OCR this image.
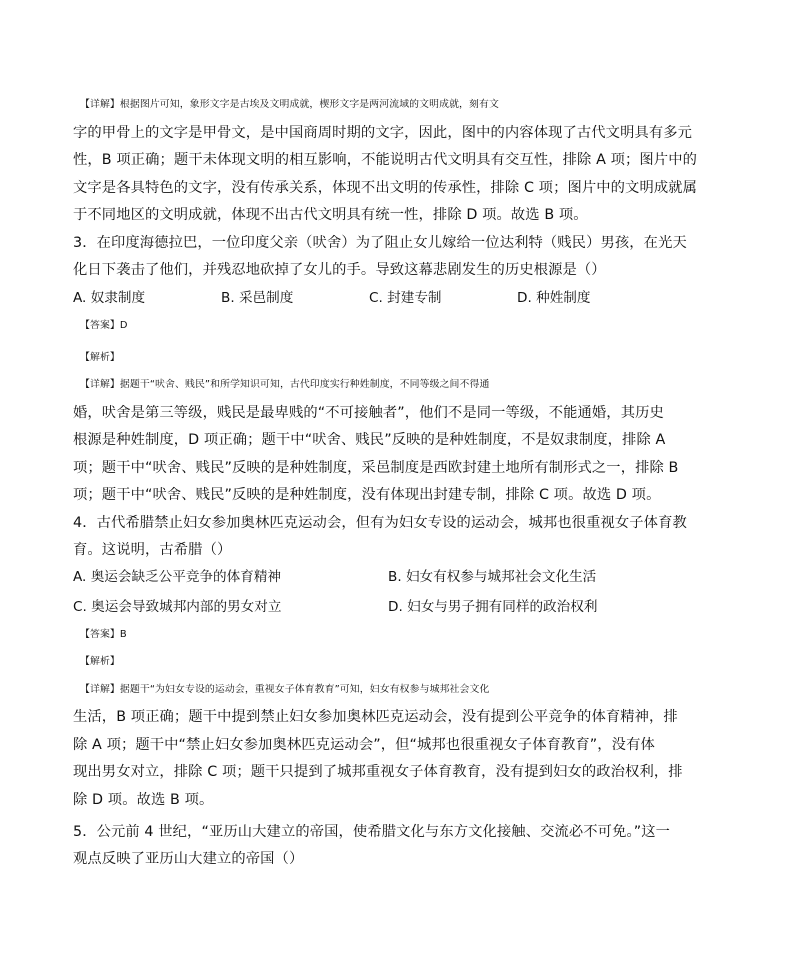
【详解】根据图片可知，象形文字是古埃及文明成就，楔形文字是两河流域的文明成就，刻有文
字的甲骨上的文字是甲骨文，是中国商周时期的文字，因此，图中的内容体现了古代文明具有多元
性，B 项正确；题干未体现文明的相互影响，不能说明古代文明具有交互性，排除 A 项；图片中的
文字是各具特色的文字，没有传承关系，体现不出文明的传承性，排除 C 项；图片中的文明成就属
于不同地区的文明成就，体现不出古代文明具有统一性，排除 D 项。故选 B 项。
3．在印度海德拉巴，一位印度父亲（吠舍）为了阻止女儿嫁给一位达利特（贱民）男孩，在光天
化日下袭击了他们，并残忍地砍掉了女儿的手。导致这幕悲剧发生的历史根源是（）
A. 奴隶制度	B. 采邑制度	C. 封建专制	D. 种姓制度
【答案】D
【解析】
【详解】据题干“吠舍、贱民”和所学知识可知，古代印度实行种姓制度，不同等级之间不得通
婚，吠舍是第三等级，贱民是最卑贱的“不可接触者”，他们不是同一等级，不能通婚，其历史
根源是种姓制度，D 项正确；题干中“吠舍、贱民”反映的是种姓制度，不是奴隶制度，排除 A
项；题干中“吠舍、贱民”反映的是种姓制度，采邑制度是西欧封建土地所有制形式之一，排除 B
项；题干中“吠舍、贱民”反映的是种姓制度，没有体现出封建专制，排除 C 项。故选 D 项。
4．古代希腊禁止妇女参加奥林匹克运动会，但有为妇女专设的运动会，城邦也很重视女子体育教
育。这说明，古希腊（）
A. 奥运会缺乏公平竞争的体育精神	B. 妇女有权参与城邦社会文化生活
C. 奥运会导致城邦内部的男女对立	D. 妇女与男子拥有同样的政治权利
【答案】B
【解析】
【详解】据题干“为妇女专设的运动会，重视女子体育教育”可知，妇女有权参与城邦社会文化
生活，B 项正确；题干中提到禁止妇女参加奥林匹克运动会，没有提到公平竞争的体育精神，排
除 A 项；题干中“禁止妇女参加奥林匹克运动会”，但“城邦也很重视女子体育教育”，没有体
现出男女对立，排除 C 项；题干只提到了城邦重视女子体育教育，没有提到妇女的政治权利，排
除 D 项。故选 B 项。
5．公元前 4 世纪，“亚历山大建立的帝国，使希腊文化与东方文化接触、交流必不可免。”这一
观点反映了亚历山大建立的帝国（）
